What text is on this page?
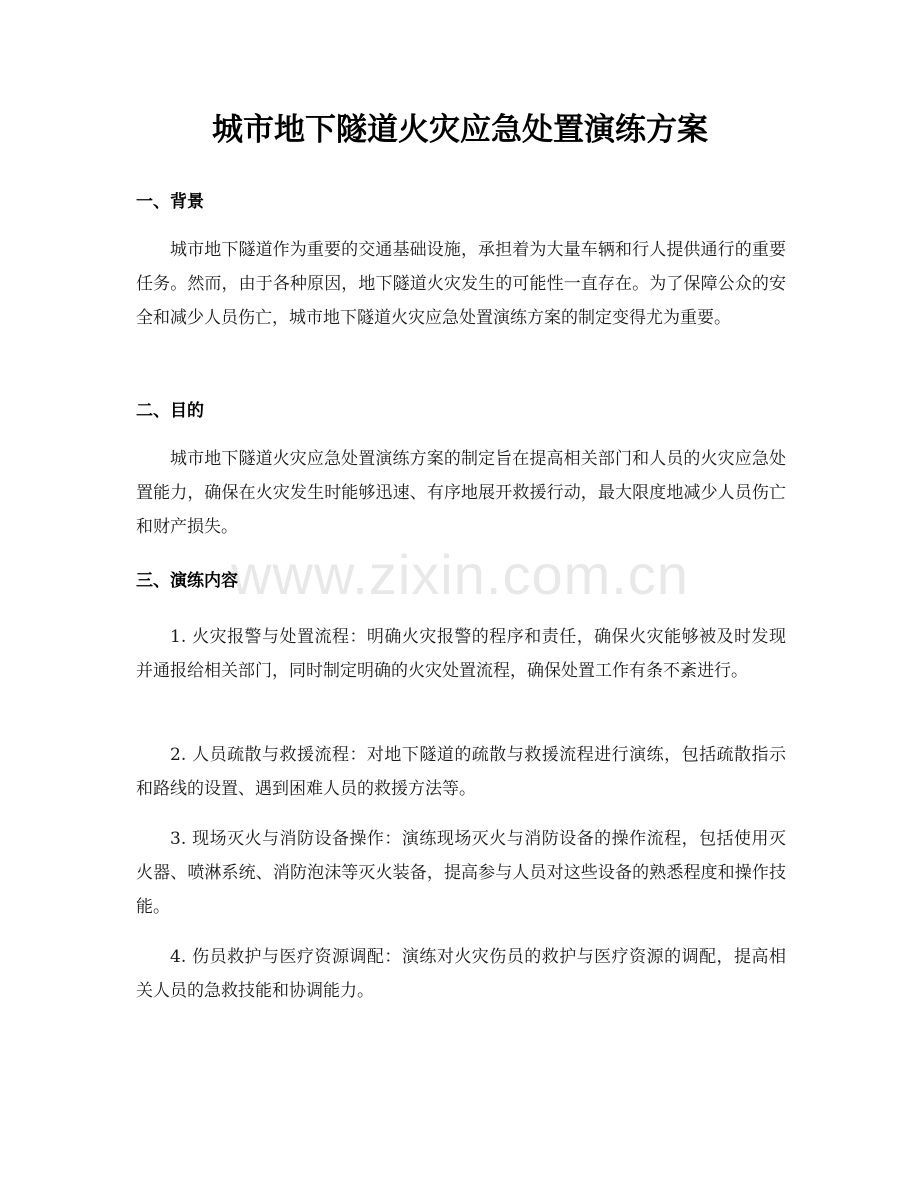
城市地下隧道火灾应急处置演练方案
一、背景

城市地下隧道作为重要的交通基础设施，承担着为大量车辆和行人提供通行的重要任务。然而，由于各种原因，地下隧道火灾发生的可能性一直存在。为了保障公众的安全和减少人员伤亡，城市地下隧道火灾应急处置演练方案的制定变得尤为重要。

二、目的

城市地下隧道火灾应急处置演练方案的制定旨在提高相关部门和人员的火灾应急处置能力，确保在火灾发生时能够迅速、有序地展开救援行动，最大限度地减少人员伤亡和财产损失。

三、演练内容

1. 火灾报警与处置流程：明确火灾报警的程序和责任，确保火灾能够被及时发现并通报给相关部门，同时制定明确的火灾处置流程，确保处置工作有条不紊进行。

2. 人员疏散与救援流程：对地下隧道的疏散与救援流程进行演练，包括疏散指示和路线的设置、遇到困难人员的救援方法等。

3. 现场灭火与消防设备操作：演练现场灭火与消防设备的操作流程，包括使用灭火器、喷淋系统、消防泡沫等灭火装备，提高参与人员对这些设备的熟悉程度和操作技能。

4. 伤员救护与医疗资源调配：演练对火灾伤员的救护与医疗资源的调配，提高相关人员的急救技能和协调能力。

www.zixin.com.cn
